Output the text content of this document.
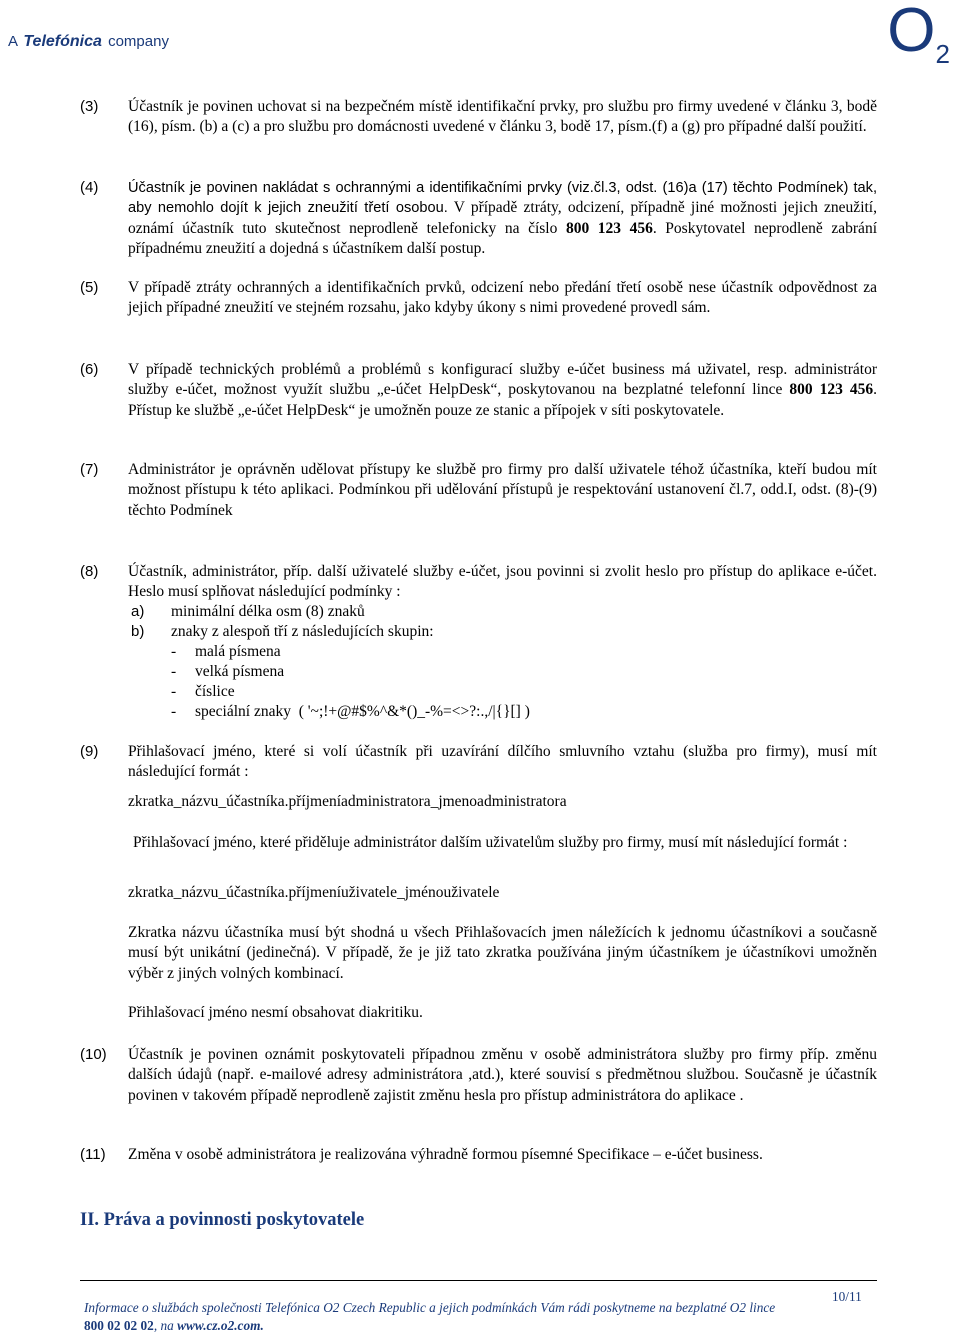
A Telefónica company	$O_2$
(3)	Účastník je povinen uchovat si na bezpečném místě identifikační prvky, pro službu pro firmy uvedené v článku 3, bodě (16), písm. (b) a (c) a pro službu pro domácnosti uvedené v článku 3, bodě 17, písm.(f) a (g) pro případné další použití.
(4)	Účastník je povinen nakládat s ochrannými a identifikačními prvky (viz.čl.3, odst. (16)a (17) těchto Podmínek) tak, aby nemohlo dojít k jejich zneužití třetí osobou. V případě ztráty, odcizení, případně jiné možnosti jejich zneužití, oznámí účastník tuto skutečnost neprodleně telefonicky na číslo 800 123 456. Poskytovatel neprodleně zabrání případnému zneužití a dojedná s účastníkem další postup.
(5)	V případě ztráty ochranných a identifikačních prvků, odcizení nebo předání třetí osobě nese účastník odpovědnost za jejich případné zneužití ve stejném rozsahu, jako kdyby úkony s nimi provedené provedl sám.
(6)	V případě technických problémů a problémů s konfigurací služby e-účet business má uživatel, resp. administrátor služby e-účet, možnost využít službu „e-účet HelpDesk“, poskytovanou na bezplatné telefonní lince 800 123 456. Přístup ke službě „e-účet HelpDesk“ je umožněn pouze ze stanic a přípojek v síti poskytovatele.
(7)	Administrátor je oprávněn udělovat přístupy ke službě pro firmy pro další uživatele téhož účastníka, kteří budou mít možnost přístupu k této aplikaci. Podmínkou při udělování přístupů je respektování ustanovení čl.7, odd.I, odst. (8)-(9) těchto Podmínek
(8)	Účastník, administrátor, příp. další uživatelé služby e-účet, jsou povinni si zvolit heslo pro přístup do aplikace e-účet. Heslo musí splňovat následující podmínky :
a) minimální délka osm (8) znaků
b) znaky z alespoň tří z následujících skupin:
- malá písmena
- velká písmena
- číslice
- speciální znaky  ( '~;!+@#$%^&*()_-%=<>?:.,/|{}[] )
(9)	Přihlašovací jméno, které si volí účastník při uzavírání dílčího smluvního vztahu (služba pro firmy), musí mít následující formát :
zkratka_názvu_účastníka.příjmeníadministratora_jmenoadministratora
Přihlašovací jméno, které přiděluje administrátor dalším uživatelům služby pro firmy, musí mít následující formát :
zkratka_názvu_účastníka.příjmeníuživatele_jménouživatele
Zkratka názvu účastníka musí být shodná u všech Přihlašovacích jmen náležících k jednomu účastníkovi a současně musí být unikátní (jedinečná). V případě, že je již tato zkratka používána jiným účastníkem je účastníkovi umožněn výběr z jiných volných kombinací.
Přihlašovací jméno nesmí obsahovat diakritiku.
(10)	Účastník je povinen oznámit poskytovateli případnou změnu v osobě administrátora služby pro firmy příp. změnu dalších údajů (např. e-mailové adresy administrátora ,atd.), které souvisí s předmětnou službou. Současně je účastník povinen v takovém případě neprodleně zajistit změnu hesla pro přístup administrátora do aplikace .
(11)	Změna v osobě administrátora je realizována výhradně formou písemné Specifikace – e-účet business.
II. Práva a povinnosti poskytovatele
Informace o službách společnosti Telefónica O2 Czech Republic a jejich podmínkách Vám rádi poskytneme na bezplatné O2 lince
800 02 02 02, na www.cz.o2.com.
10/11
